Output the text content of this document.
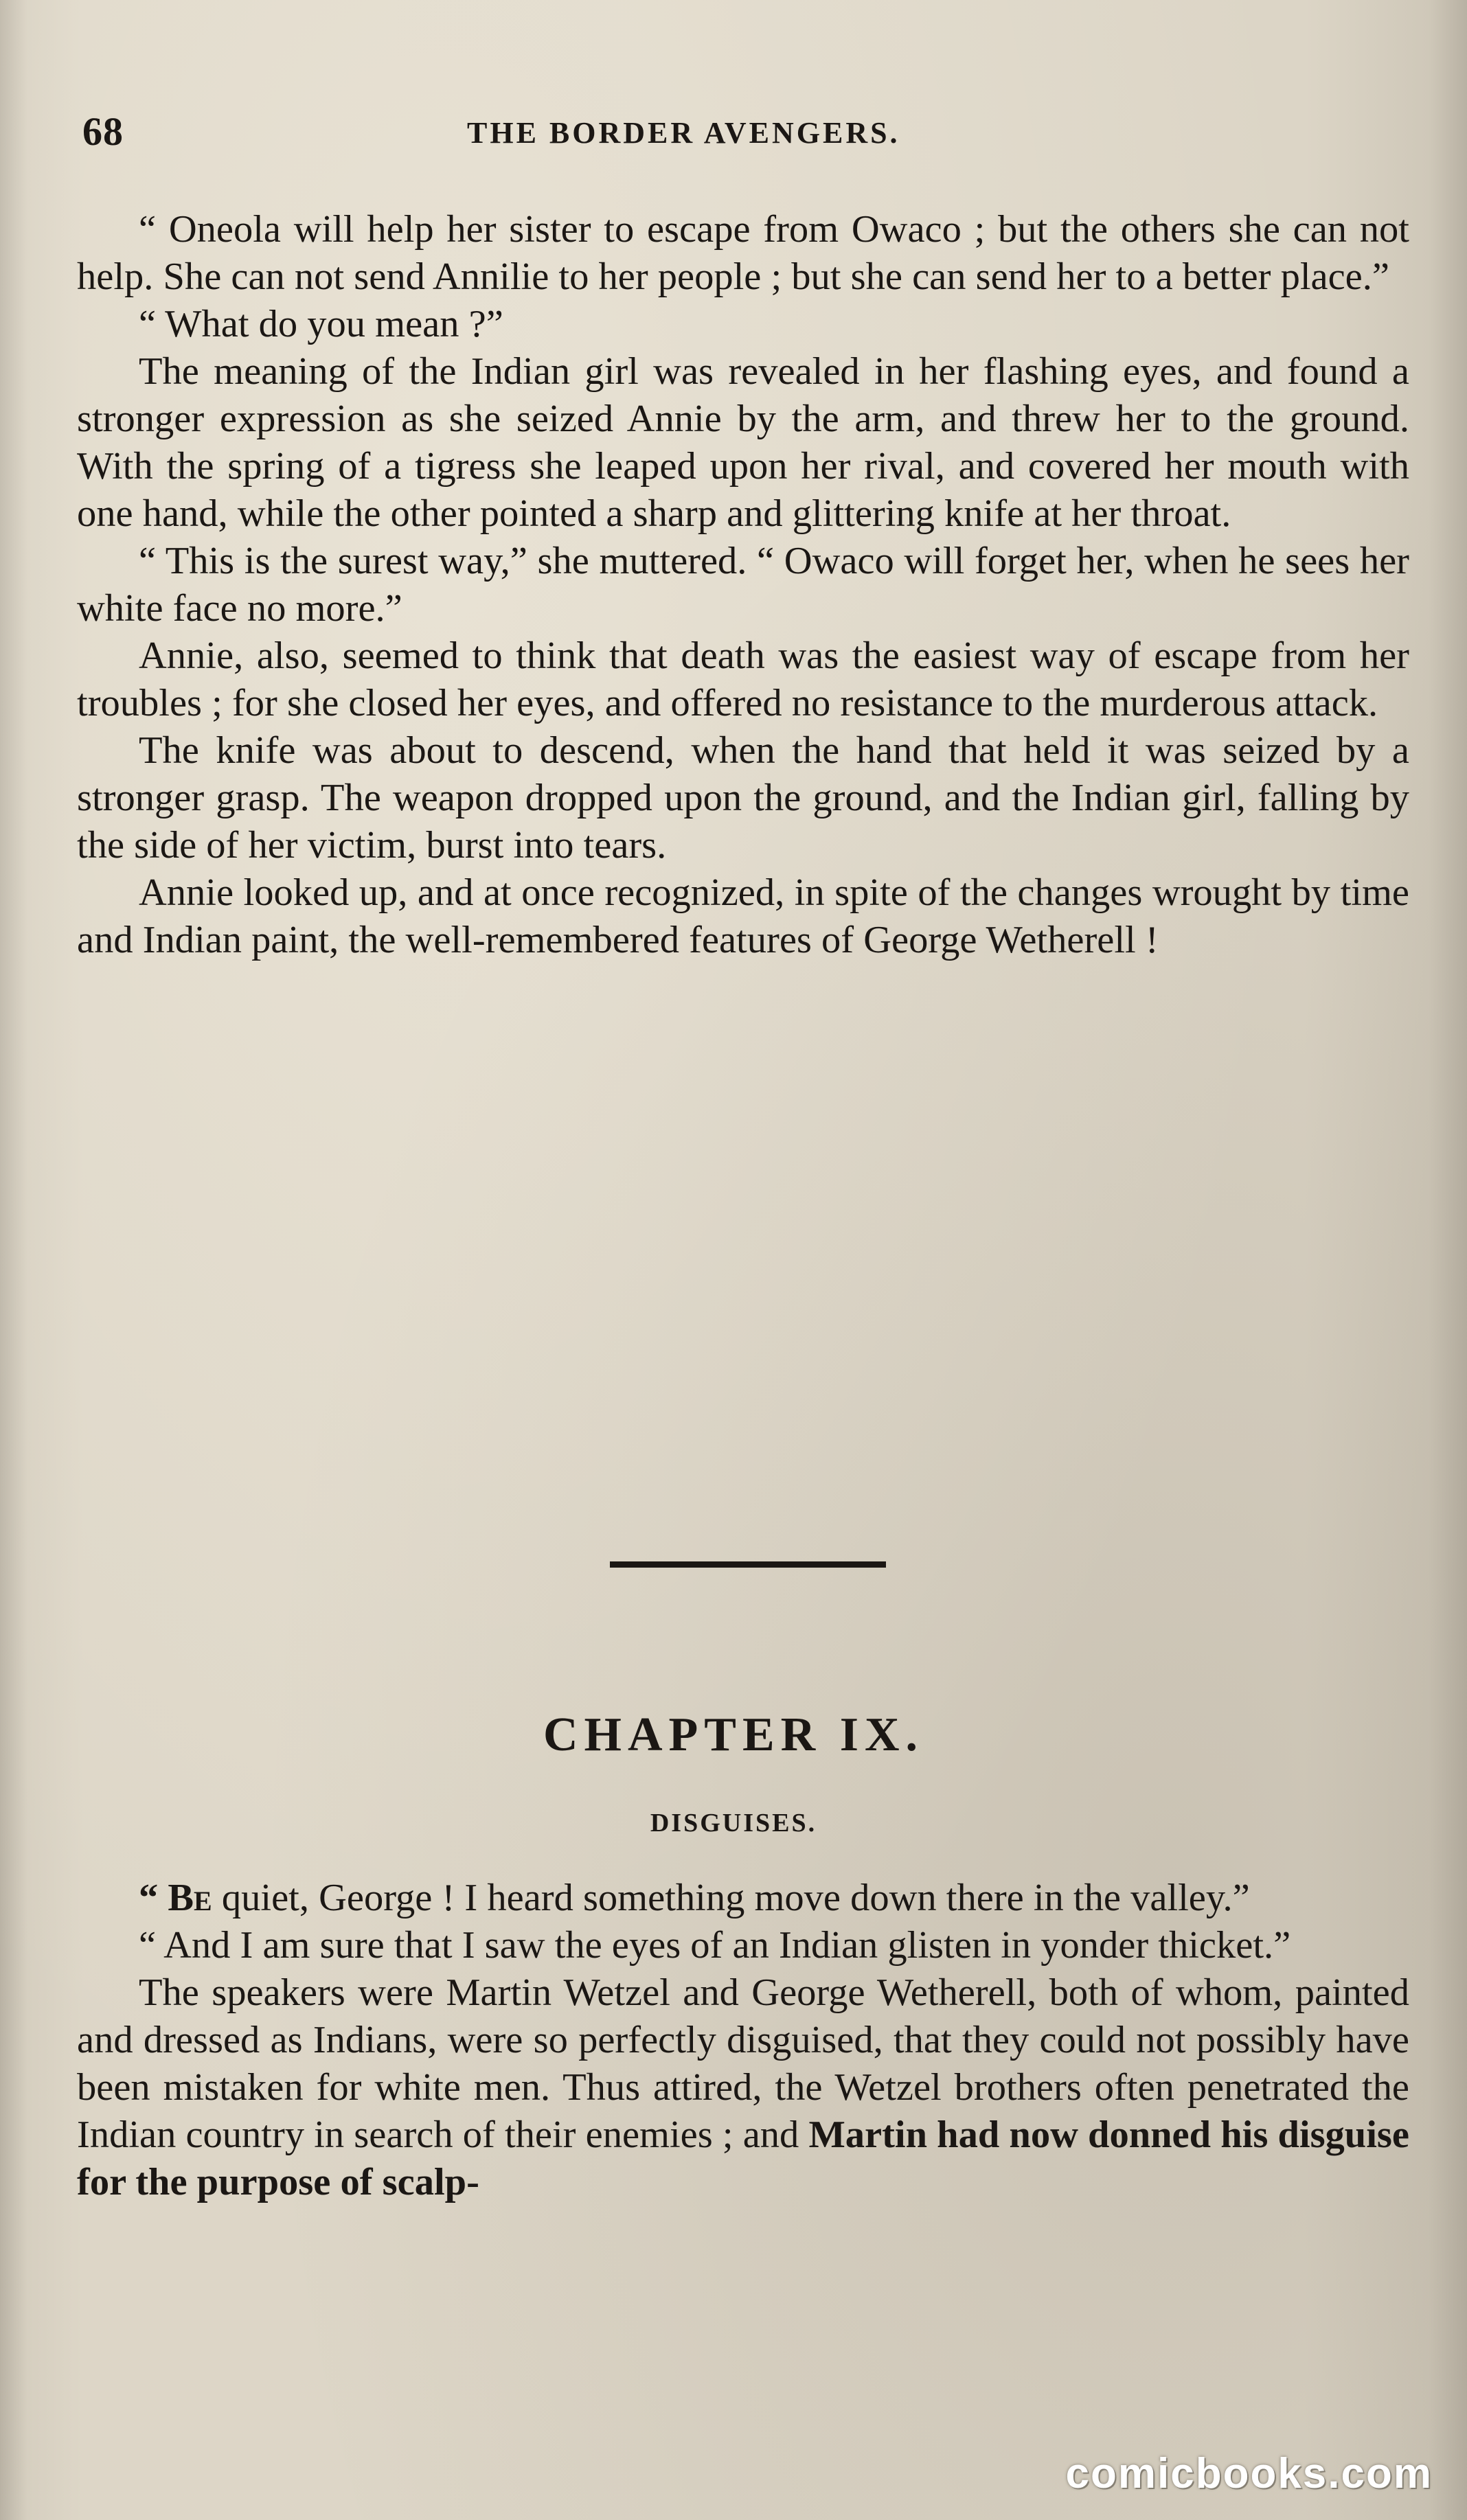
68	THE BORDER AVENGERS.

“ Oneola will help her sister to escape from Owaco ; but the others she can not help. She can not send Annilie to her people ; but she can send her to a better place.”

“ What do you mean ?”

The meaning of the Indian girl was revealed in her flashing eyes, and found a stronger expression as she seized Annie by the arm, and threw her to the ground. With the spring of a tigress she leaped upon her rival, and covered her mouth with one hand, while the other pointed a sharp and glittering knife at her throat.

“ This is the surest way,” she muttered. “ Owaco will forget her, when he sees her white face no more.”

Annie, also, seemed to think that death was the easiest way of escape from her troubles ; for she closed her eyes, and offered no resistance to the murderous attack.

The knife was about to descend, when the hand that held it was seized by a stronger grasp. The weapon dropped upon the ground, and the Indian girl, falling by the side of her victim, burst into tears.

Annie looked up, and at once recognized, in spite of the changes wrought by time and Indian paint, the well-remembered features of George Wetherell !

CHAPTER IX.
DISGUISES.

“ Be quiet, George ! I heard something move down there in the valley.”

“ And I am sure that I saw the eyes of an Indian glisten in yonder thicket.”

The speakers were Martin Wetzel and George Wetherell, both of whom, painted and dressed as Indians, were so perfectly disguised, that they could not possibly have been mistaken for white men. Thus attired, the Wetzel brothers often penetrated the Indian country in search of their enemies ; and Martin had now donned his disguise for the purpose of scalp-

comicbooks.com
